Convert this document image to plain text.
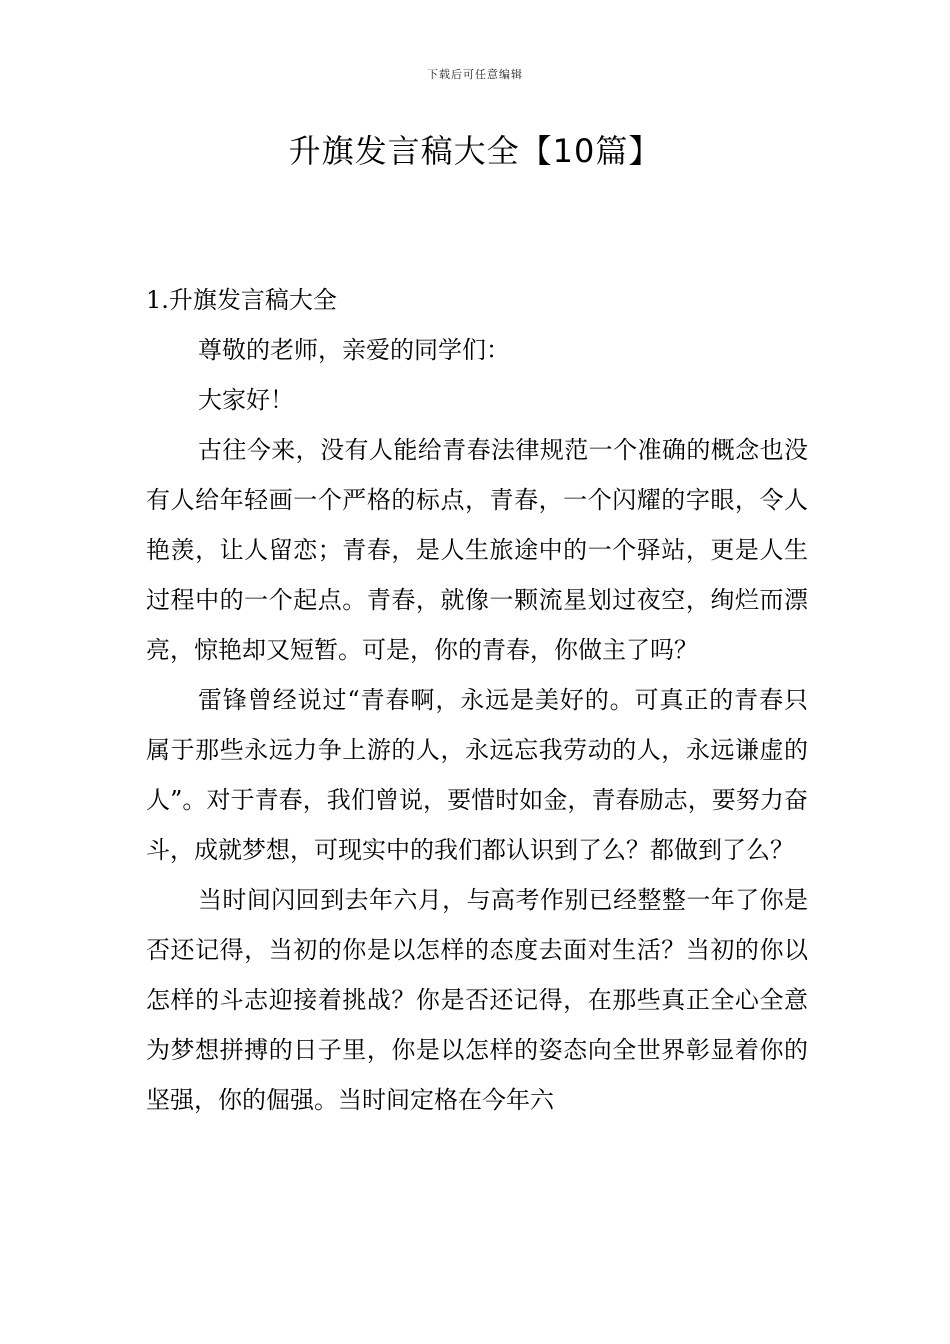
下载后可任意编辑
升旗发言稿大全【10篇】

1.升旗发言稿大全

尊敬的老师，亲爱的同学们：

大家好！

古往今来，没有人能给青春法律规范一个准确的概念也没有人给年轻画一个严格的标点，青春，一个闪耀的字眼，令人艳羡，让人留恋；青春，是人生旅途中的一个驿站，更是人生过程中的一个起点。青春，就像一颗流星划过夜空，绚烂而漂亮，惊艳却又短暂。可是，你的青春，你做主了吗？

雷锋曾经说过“青春啊，永远是美好的。可真正的青春只属于那些永远力争上游的人，永远忘我劳动的人，永远谦虚的人”。对于青春，我们曾说，要惜时如金，青春励志，要努力奋斗，成就梦想，可现实中的我们都认识到了么？都做到了么？

当时间闪回到去年六月，与高考作别已经整整一年了你是否还记得，当初的你是以怎样的态度去面对生活？当初的你以怎样的斗志迎接着挑战？你是否还记得，在那些真正全心全意为梦想拼搏的日子里，你是以怎样的姿态向全世界彰显着你的坚强，你的倔强。当时间定格在今年六
